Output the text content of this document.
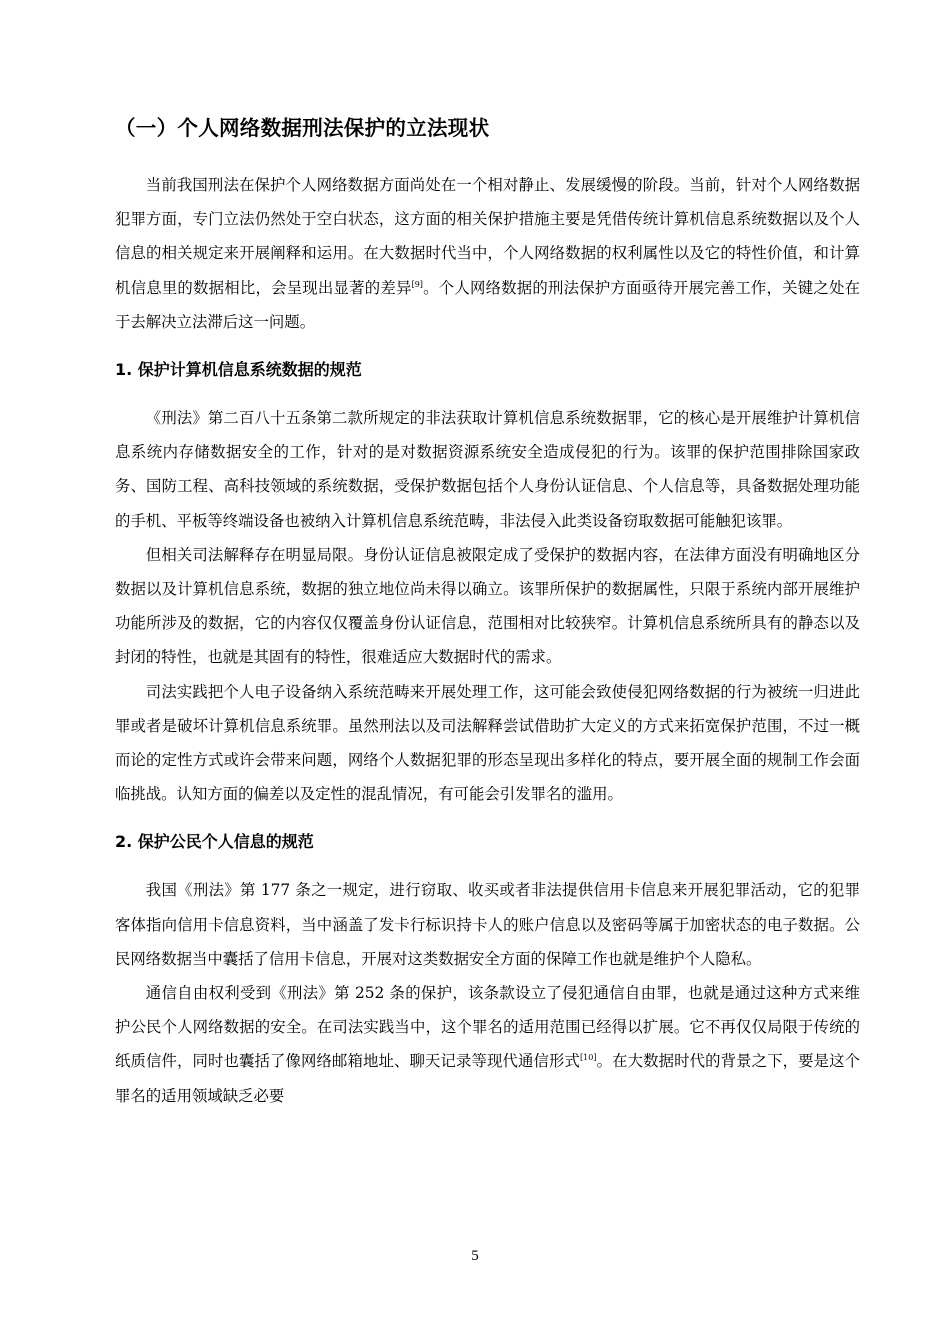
（一）个人网络数据刑法保护的立法现状

当前我国刑法在保护个人网络数据方面尚处在一个相对静止、发展缓慢的阶段。当前，针对个人网络数据犯罪方面，专门立法仍然处于空白状态，这方面的相关保护措施主要是凭借传统计算机信息系统数据以及个人信息的相关规定来开展阐释和运用。在大数据时代当中，个人网络数据的权利属性以及它的特性价值，和计算机信息里的数据相比，会呈现出显著的差异[9]。个人网络数据的刑法保护方面亟待开展完善工作，关键之处在于去解决立法滞后这一问题。

1. 保护计算机信息系统数据的规范

《刑法》第二百八十五条第二款所规定的非法获取计算机信息系统数据罪，它的核心是开展维护计算机信息系统内存储数据安全的工作，针对的是对数据资源系统安全造成侵犯的行为。该罪的保护范围排除国家政务、国防工程、高科技领域的系统数据，受保护数据包括个人身份认证信息、个人信息等，具备数据处理功能的手机、平板等终端设备也被纳入计算机信息系统范畴，非法侵入此类设备窃取数据可能触犯该罪。

但相关司法解释存在明显局限。身份认证信息被限定成了受保护的数据内容，在法律方面没有明确地区分数据以及计算机信息系统，数据的独立地位尚未得以确立。该罪所保护的数据属性，只限于系统内部开展维护功能所涉及的数据，它的内容仅仅覆盖身份认证信息，范围相对比较狭窄。计算机信息系统所具有的静态以及封闭的特性，也就是其固有的特性，很难适应大数据时代的需求。

司法实践把个人电子设备纳入系统范畴来开展处理工作，这可能会致使侵犯网络数据的行为被统一归进此罪或者是破坏计算机信息系统罪。虽然刑法以及司法解释尝试借助扩大定义的方式来拓宽保护范围，不过一概而论的定性方式或许会带来问题，网络个人数据犯罪的形态呈现出多样化的特点，要开展全面的规制工作会面临挑战。认知方面的偏差以及定性的混乱情况，有可能会引发罪名的滥用。

2. 保护公民个人信息的规范

我国《刑法》第 177 条之一规定，进行窃取、收买或者非法提供信用卡信息来开展犯罪活动，它的犯罪客体指向信用卡信息资料，当中涵盖了发卡行标识持卡人的账户信息以及密码等属于加密状态的电子数据。公民网络数据当中囊括了信用卡信息，开展对这类数据安全方面的保障工作也就是维护个人隐私。

通信自由权利受到《刑法》第 252 条的保护，该条款设立了侵犯通信自由罪，也就是通过这种方式来维护公民个人网络数据的安全。在司法实践当中，这个罪名的适用范围已经得以扩展。它不再仅仅局限于传统的纸质信件，同时也囊括了像网络邮箱地址、聊天记录等现代通信形式[10]。在大数据时代的背景之下，要是这个罪名的适用领域缺乏必要

5
